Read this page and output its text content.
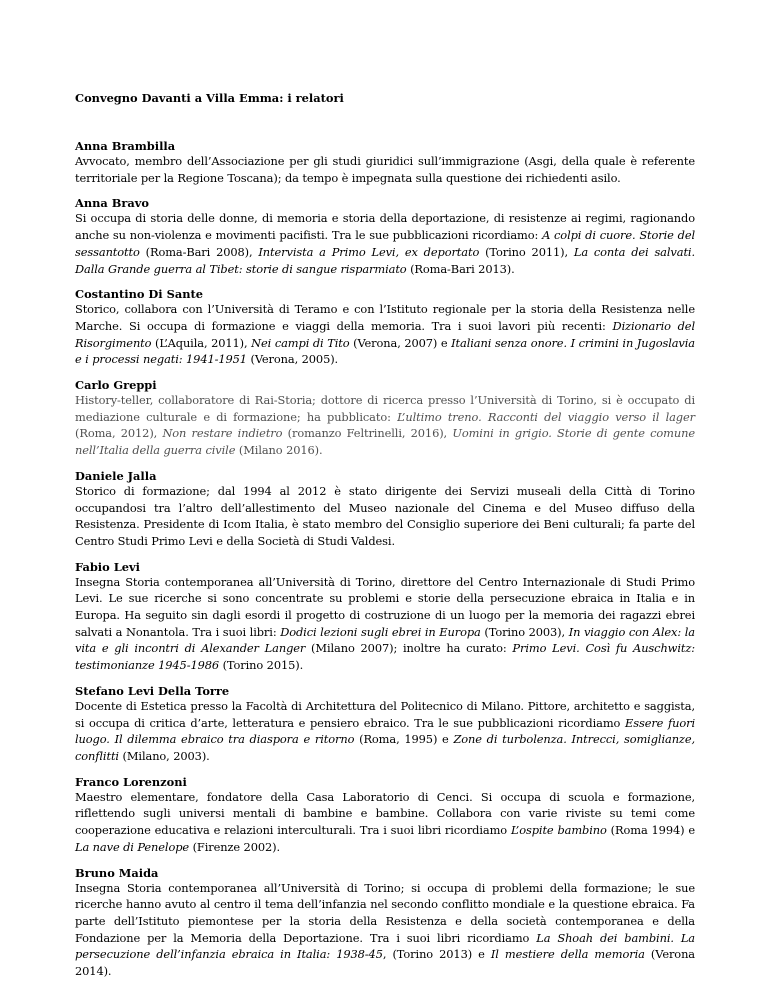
Convegno Davanti a Villa Emma: i relatori

Anna Brambilla

Avvocato, membro dell’Associazione per gli studi giuridici sull’immigrazione (Asgi, della quale è referente territoriale per la Regione Toscana); da tempo è impegnata sulla questione dei richiedenti asilo.

Anna Bravo

Si occupa di storia delle donne, di memoria e storia della deportazione, di resistenze ai regimi, ragionando anche su non-violenza e movimenti pacifisti. Tra le sue pubblicazioni ricordiamo: A colpi di cuore. Storie del sessantotto (Roma-Bari 2008), Intervista a Primo Levi, ex deportato (Torino 2011), La conta dei salvati. Dalla Grande guerra al Tibet: storie di sangue risparmiato (Roma-Bari 2013).

Costantino Di Sante

Storico, collabora con l’Università di Teramo e con l’Istituto regionale per la storia della Resistenza nelle Marche. Si occupa di formazione e viaggi della memoria. Tra i suoi lavori più recenti: Dizionario del Risorgimento (L’Aquila, 2011), Nei campi di Tito (Verona, 2007) e Italiani senza onore. I crimini in Jugoslavia e i processi negati: 1941-1951 (Verona, 2005).

Carlo Greppi

History-teller, collaboratore di Rai-Storia; dottore di ricerca presso l’Università di Torino, si è occupato di mediazione culturale e di formazione; ha pubblicato: L’ultimo treno. Racconti del viaggio verso il lager (Roma, 2012), Non restare indietro (romanzo Feltrinelli, 2016), Uomini in grigio. Storie di gente comune nell’Italia della guerra civile (Milano 2016).

Daniele Jalla

Storico di formazione; dal 1994 al 2012 è stato dirigente dei Servizi museali della Città di Torino occupandosi tra l’altro dell’allestimento del Museo nazionale del Cinema e del Museo diffuso della Resistenza. Presidente di Icom Italia, è stato membro del Consiglio superiore dei Beni culturali; fa parte del Centro Studi Primo Levi e della Società di Studi Valdesi.

Fabio Levi

Insegna Storia contemporanea all’Università di Torino, direttore del Centro Internazionale di Studi Primo Levi. Le sue ricerche si sono concentrate su problemi e storie della persecuzione ebraica in Italia e in Europa. Ha seguito sin dagli esordi il progetto di costruzione di un luogo per la memoria dei ragazzi ebrei salvati a Nonantola. Tra i suoi libri: Dodici lezioni sugli ebrei in Europa (Torino 2003), In viaggio con Alex: la vita e gli incontri di Alexander Langer (Milano 2007); inoltre ha curato: Primo Levi. Così fu Auschwitz: testimonianze 1945-1986 (Torino 2015).

Stefano Levi Della Torre

Docente di Estetica presso la Facoltà di Architettura del Politecnico di Milano. Pittore, architetto e saggista, si occupa di critica d’arte, letteratura e pensiero ebraico. Tra le sue pubblicazioni ricordiamo Essere fuori luogo. Il dilemma ebraico tra diaspora e ritorno (Roma, 1995) e Zone di turbolenza. Intrecci, somiglianze, conflitti (Milano, 2003).

Franco Lorenzoni

Maestro elementare, fondatore della Casa Laboratorio di Cenci. Si occupa di scuola e formazione, riflettendo sugli universi mentali di bambine e bambine. Collabora con varie riviste su temi come cooperazione educativa e relazioni interculturali. Tra i suoi libri ricordiamo L’ospite bambino (Roma 1994) e La nave di Penelope (Firenze 2002).

Bruno Maida

Insegna Storia contemporanea all’Università di Torino; si occupa di problemi della formazione; le sue ricerche hanno avuto al centro il tema dell’infanzia nel secondo conflitto mondiale e la questione ebraica. Fa parte dell’Istituto piemontese per la storia della Resistenza e della società contemporanea e della Fondazione per la Memoria della Deportazione. Tra i suoi libri ricordiamo La Shoah dei bambini. La persecuzione dell’infanzia ebraica in Italia: 1938-45, (Torino 2013) e Il mestiere della memoria (Verona 2014).
